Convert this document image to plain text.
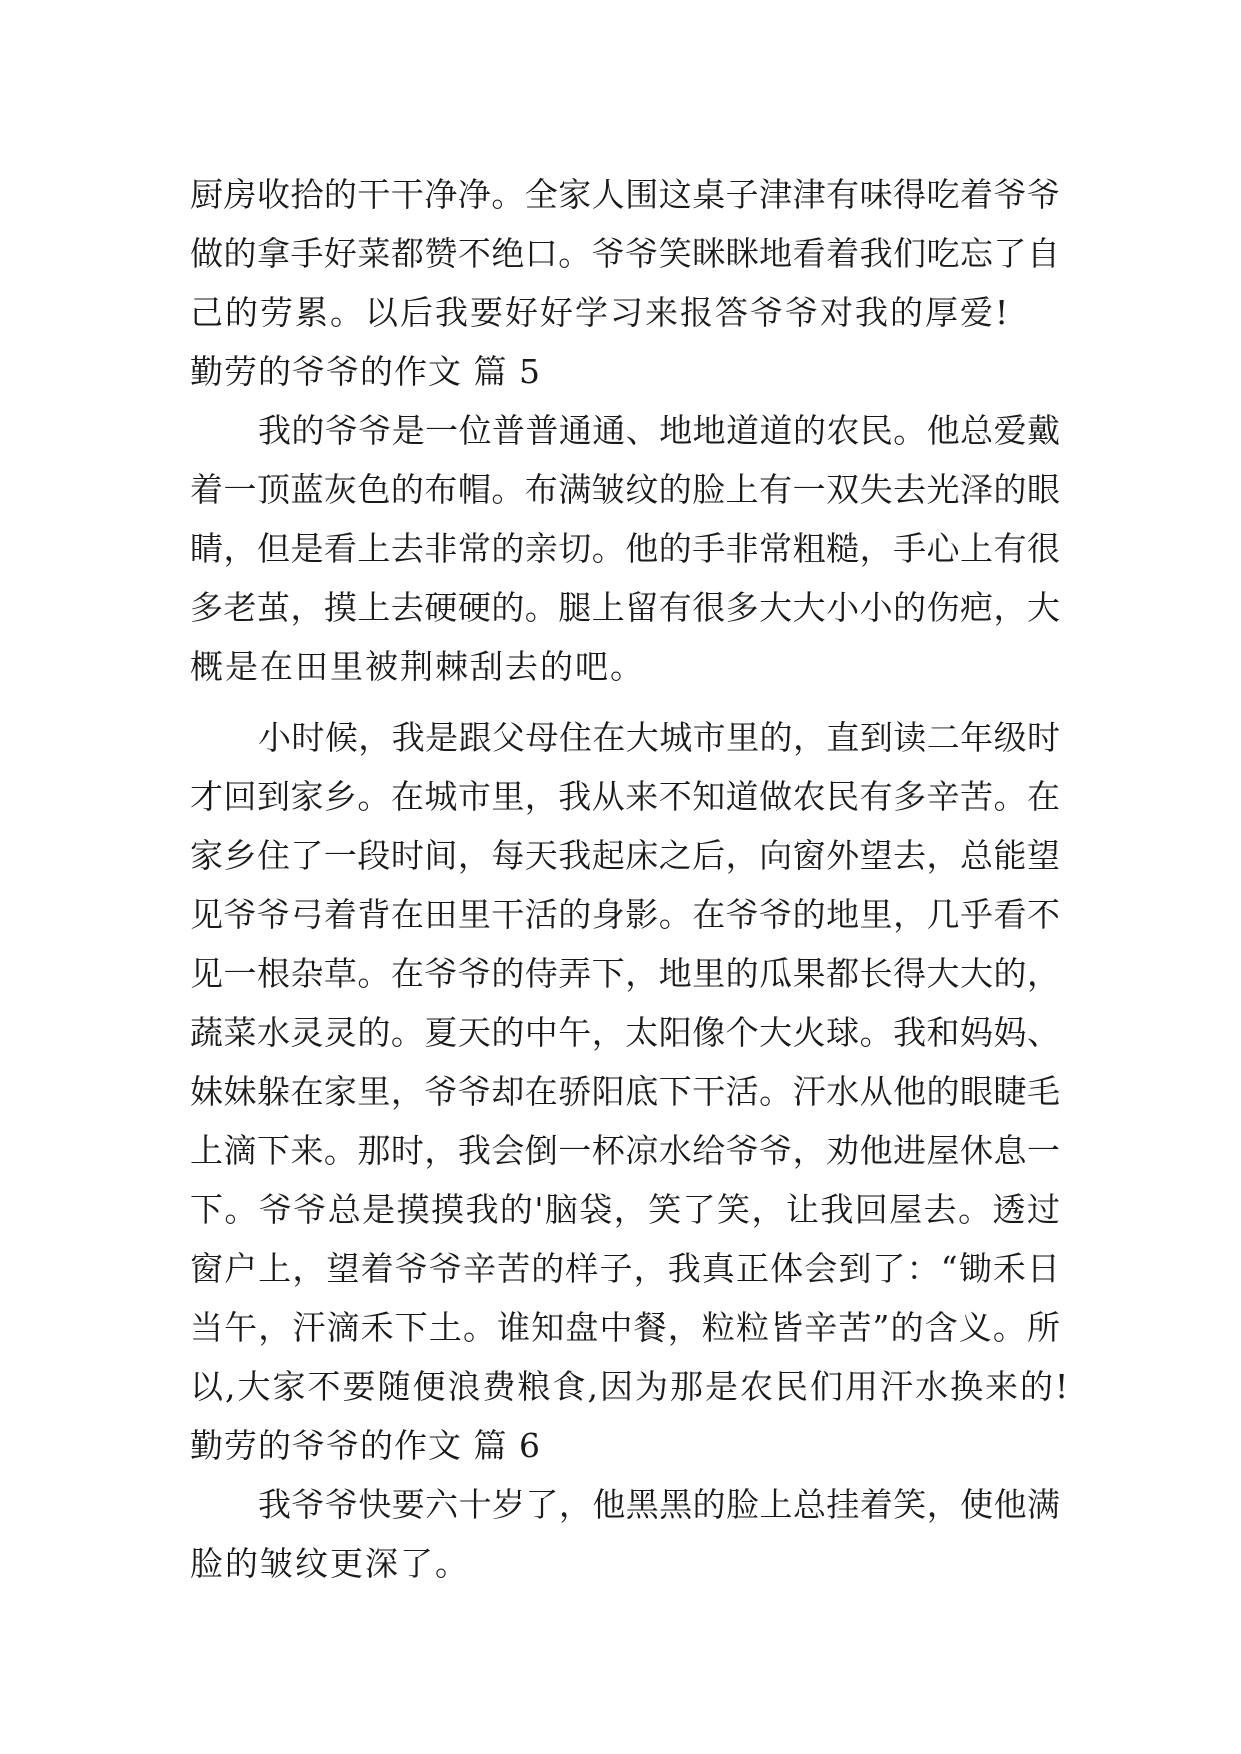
厨房收拾的干干净净。全家人围这桌子津津有味得吃着爷爷
做的拿手好菜都赞不绝口。爷爷笑眯眯地看着我们吃忘了自
己的劳累。以后我要好好学习来报答爷爷对我的厚爱!
勤劳的爷爷的作文 篇 5
我的爷爷是一位普普通通、地地道道的农民。他总爱戴
着一顶蓝灰色的布帽。布满皱纹的脸上有一双失去光泽的眼
睛，但是看上去非常的亲切。他的手非常粗糙，手心上有很
多老茧，摸上去硬硬的。腿上留有很多大大小小的伤疤，大
概是在田里被荆棘刮去的吧。
小时候，我是跟父母住在大城市里的，直到读二年级时
才回到家乡。在城市里，我从来不知道做农民有多辛苦。在
家乡住了一段时间，每天我起床之后，向窗外望去，总能望
见爷爷弓着背在田里干活的身影。在爷爷的地里，几乎看不
见一根杂草。在爷爷的侍弄下，地里的瓜果都长得大大的，
蔬菜水灵灵的。夏天的中午，太阳像个大火球。我和妈妈、
妹妹躲在家里，爷爷却在骄阳底下干活。汗水从他的眼睫毛
上滴下来。那时，我会倒一杯凉水给爷爷，劝他进屋休息一
下。爷爷总是摸摸我的'脑袋，笑了笑，让我回屋去。透过
窗户上，望着爷爷辛苦的样子，我真正体会到了：“锄禾日
当午，汗滴禾下土。谁知盘中餐，粒粒皆辛苦”的含义。所
以,大家不要随便浪费粮食,因为那是农民们用汗水换来的!
勤劳的爷爷的作文 篇 6
我爷爷快要六十岁了，他黑黑的脸上总挂着笑，使他满
脸的皱纹更深了。
